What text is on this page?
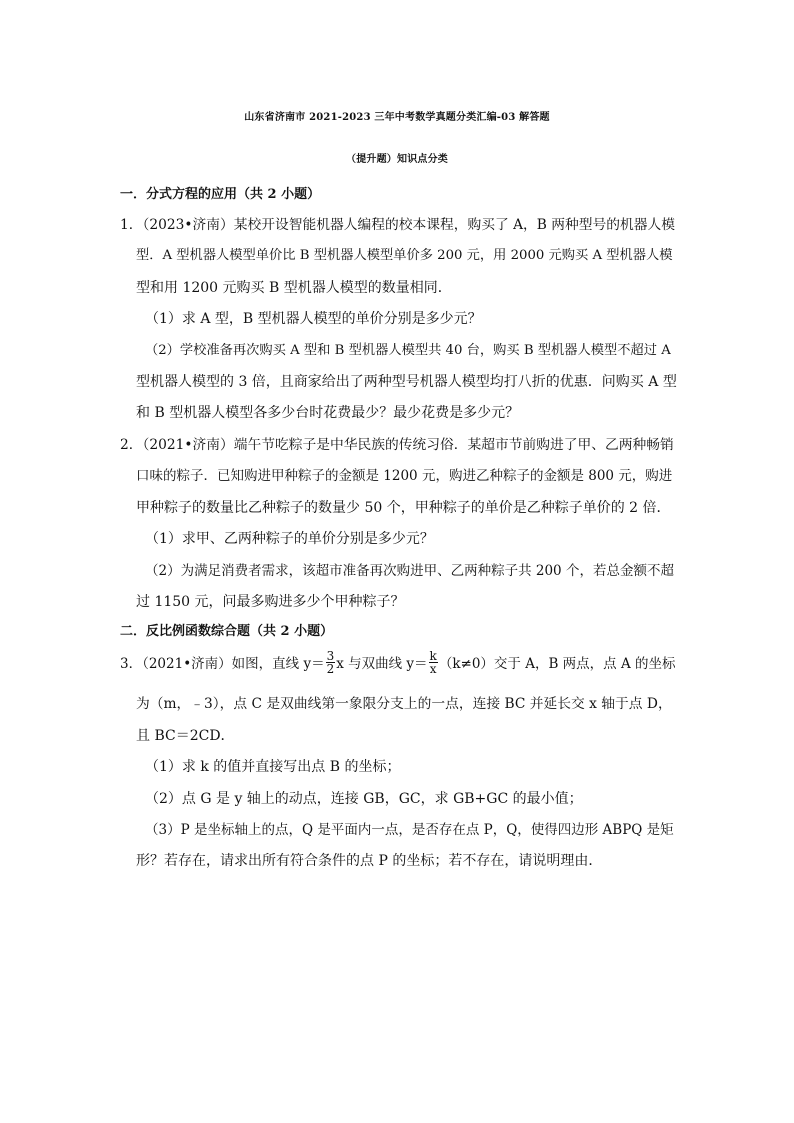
山东省济南市 2021-2023 三年中考数学真题分类汇编-03 解答题
（提升题）知识点分类
一．分式方程的应用（共 2 小题）
1．（2023•济南）某校开设智能机器人编程的校本课程，购买了 A，B 两种型号的机器人模
型．A 型机器人模型单价比 B 型机器人模型单价多 200 元，用 2000 元购买 A 型机器人模
型和用 1200 元购买 B 型机器人模型的数量相同．
（1）求 A 型，B 型机器人模型的单价分别是多少元？
（2）学校准备再次购买 A 型和 B 型机器人模型共 40 台，购买 B 型机器人模型不超过 A
型机器人模型的 3 倍，且商家给出了两种型号机器人模型均打八折的优惠．问购买 A 型
和 B 型机器人模型各多少台时花费最少？最少花费是多少元？
2．（2021•济南）端午节吃粽子是中华民族的传统习俗．某超市节前购进了甲、乙两种畅销
口味的粽子．已知购进甲种粽子的金额是 1200 元，购进乙种粽子的金额是 800 元，购进
甲种粽子的数量比乙种粽子的数量少 50 个，甲种粽子的单价是乙种粽子单价的 2 倍．
（1）求甲、乙两种粽子的单价分别是多少元？
（2）为满足消费者需求，该超市准备再次购进甲、乙两种粽子共 200 个，若总金额不超
过 1150 元，问最多购进多少个甲种粽子？
二．反比例函数综合题（共 2 小题）
3．（2021•济南）如图，直线 $y= \frac{3}{2}$ x 与双曲线 $y= \frac{k}{x} (k\ne 0)$交于 A，B 两点，点 A 的坐标
为（m，﹣3），点 C 是双曲线第一象限分支上的一点，连接 BC 并延长交 x 轴于点 D，
且 BC＝2CD．
（1）求 k 的值并直接写出点 B 的坐标；
（2）点 G 是 y 轴上的动点，连接 GB，GC，求 GB+GC 的最小值；
（3）P 是坐标轴上的点，Q 是平面内一点，是否存在点 P，Q，使得四边形 ABPQ 是矩
形？若存在，请求出所有符合条件的点 P 的坐标；若不存在，请说明理由．
